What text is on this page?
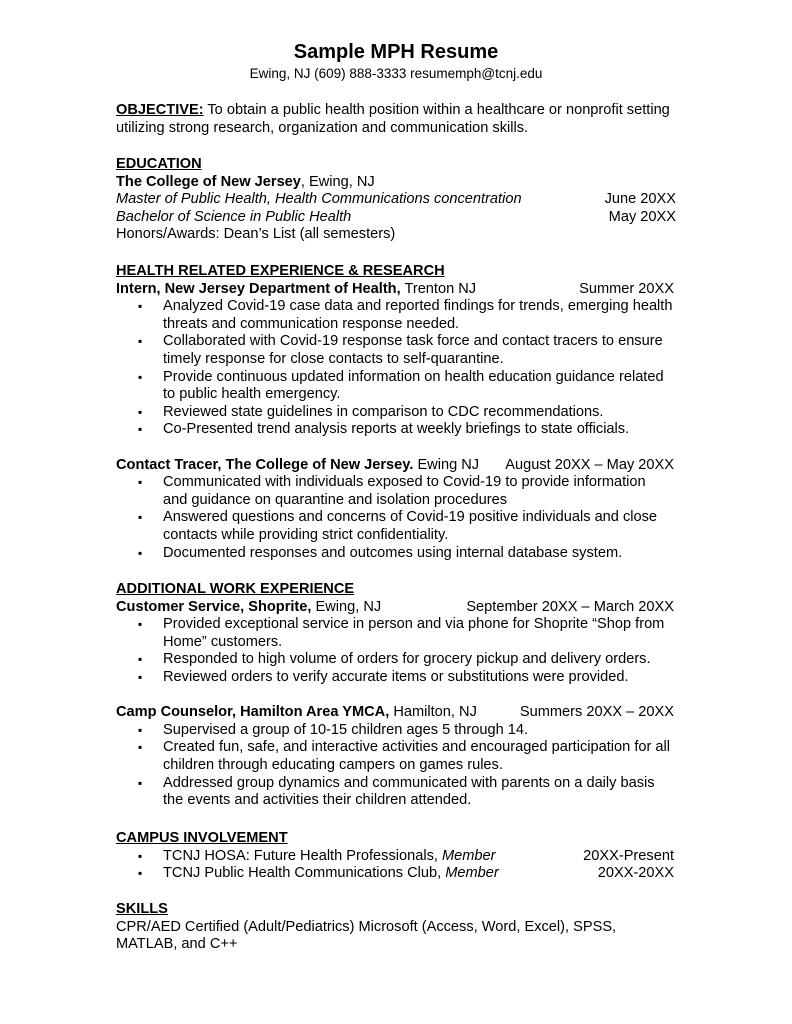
Sample MPH Resume
Ewing, NJ (609) 888-3333 resumemph@tcnj.edu
OBJECTIVE: To obtain a public health position within a healthcare or nonprofit setting utilizing strong research, organization and communication skills.
EDUCATION
The College of New Jersey, Ewing, NJ
Master of Public Health, Health Communications concentration	June 20XX
Bachelor of Science in Public Health	May 20XX
Honors/Awards: Dean’s List (all semesters)
HEALTH RELATED EXPERIENCE & RESEARCH
Intern, New Jersey Department of Health, Trenton NJ	Summer 20XX
▪ Analyzed Covid-19 case data and reported findings for trends, emerging health threats and communication response needed.
▪ Collaborated with Covid-19 response task force and contact tracers to ensure timely response for close contacts to self-quarantine.
▪ Provide continuous updated information on health education guidance related to public health emergency.
▪ Reviewed state guidelines in comparison to CDC recommendations.
▪ Co-Presented trend analysis reports at weekly briefings to state officials.
Contact Tracer, The College of New Jersey. Ewing NJ August 20XX – May 20XX
▪ Communicated with individuals exposed to Covid-19 to provide information and guidance on quarantine and isolation procedures
▪ Answered questions and concerns of Covid-19 positive individuals and close contacts while providing strict confidentiality.
▪ Documented responses and outcomes using internal database system.
ADDITIONAL WORK EXPERIENCE
Customer Service, Shoprite, Ewing, NJ	September 20XX – March 20XX
▪ Provided exceptional service in person and via phone for Shoprite “Shop from Home” customers.
▪ Responded to high volume of orders for grocery pickup and delivery orders.
▪ Reviewed orders to verify accurate items or substitutions were provided.
Camp Counselor, Hamilton Area YMCA, Hamilton, NJ	Summers 20XX – 20XX
▪ Supervised a group of 10-15 children ages 5 through 14.
▪ Created fun, safe, and interactive activities and encouraged participation for all children through educating campers on games rules.
▪ Addressed group dynamics and communicated with parents on a daily basis the events and activities their children attended.
CAMPUS INVOLVEMENT
▪ TCNJ HOSA: Future Health Professionals, Member	20XX-Present
▪ TCNJ Public Health Communications Club, Member	20XX-20XX
SKILLS
CPR/AED Certified (Adult/Pediatrics) Microsoft (Access, Word, Excel), SPSS, MATLAB, and C++
